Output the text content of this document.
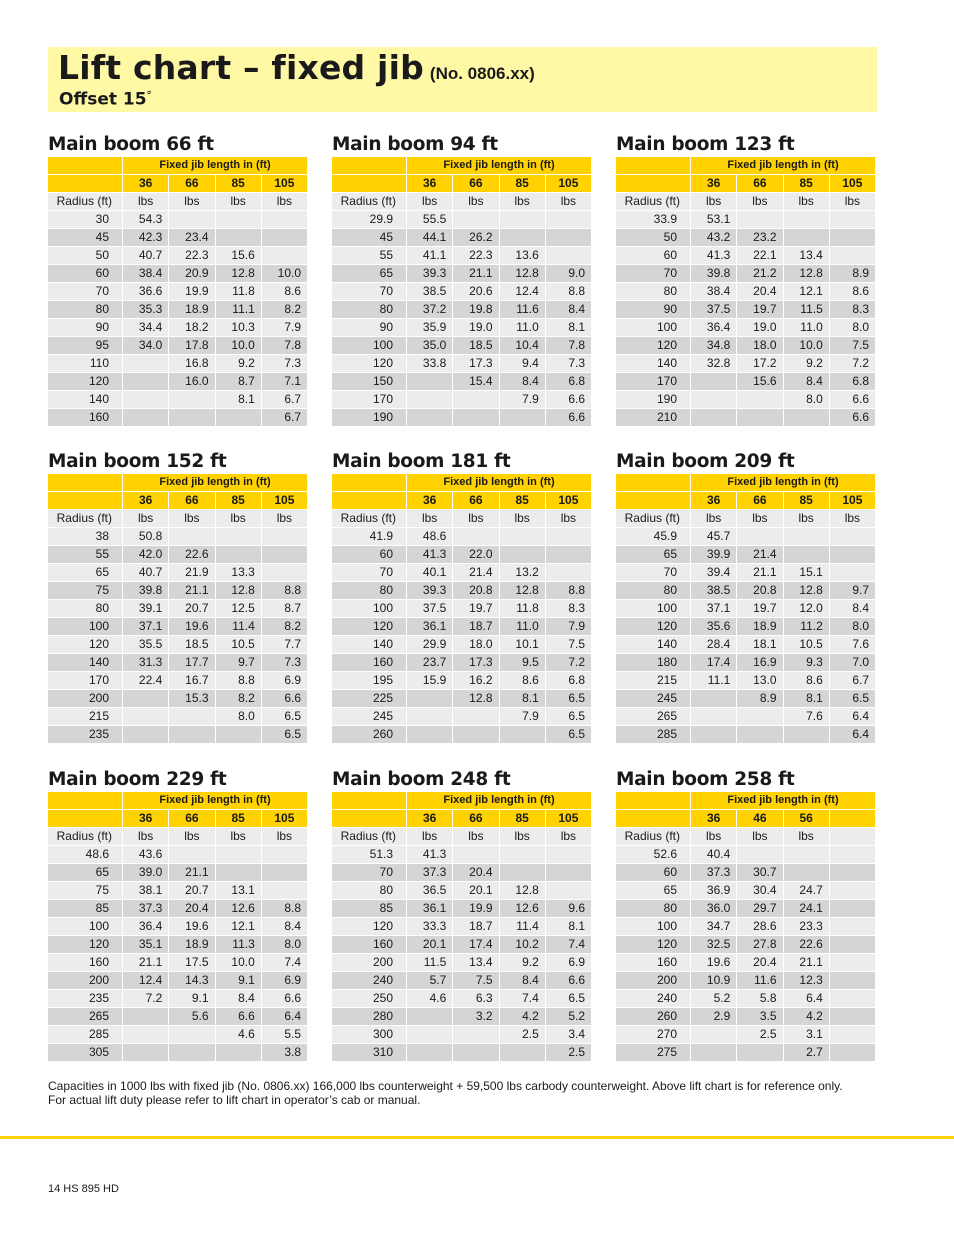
Lift chart – fixed jib (No. 0806.xx)
Offset 15°
Main boom 66 ft
	Fixed jib length in (ft)			
	36	66	85	105
Radius (ft)	lbs	lbs	lbs	lbs
30	54.3			
45	42.3	23.4		
50	40.7	22.3	15.6	
60	38.4	20.9	12.8	10.0
70	36.6	19.9	11.8	8.6
80	35.3	18.9	11.1	8.2
90	34.4	18.2	10.3	7.9
95	34.0	17.8	10.0	7.8
110		16.8	9.2	7.3
120		16.0	8.7	7.1
140			8.1	6.7
160				6.7
Main boom 94 ft
	Fixed jib length in (ft)			
	36	66	85	105
Radius (ft)	lbs	lbs	lbs	lbs
29.9	55.5			
45	44.1	26.2		
55	41.1	22.3	13.6	
65	39.3	21.1	12.8	9.0
70	38.5	20.6	12.4	8.8
80	37.2	19.8	11.6	8.4
90	35.9	19.0	11.0	8.1
100	35.0	18.5	10.4	7.8
120	33.8	17.3	9.4	7.3
150		15.4	8.4	6.8
170			7.9	6.6
190				6.6
Main boom 123 ft
	Fixed jib length in (ft)			
	36	66	85	105
Radius (ft)	lbs	lbs	lbs	lbs
33.9	53.1			
50	43.2	23.2		
60	41.3	22.1	13.4	
70	39.8	21.2	12.8	8.9
80	38.4	20.4	12.1	8.6
90	37.5	19.7	11.5	8.3
100	36.4	19.0	11.0	8.0
120	34.8	18.0	10.0	7.5
140	32.8	17.2	9.2	7.2
170		15.6	8.4	6.8
190			8.0	6.6
210				6.6
Main boom 152 ft
	Fixed jib length in (ft)			
	36	66	85	105
Radius (ft)	lbs	lbs	lbs	lbs
38	50.8			
55	42.0	22.6		
65	40.7	21.9	13.3	
75	39.8	21.1	12.8	8.8
80	39.1	20.7	12.5	8.7
100	37.1	19.6	11.4	8.2
120	35.5	18.5	10.5	7.7
140	31.3	17.7	9.7	7.3
170	22.4	16.7	8.8	6.9
200		15.3	8.2	6.6
215			8.0	6.5
235				6.5
Main boom 181 ft
	Fixed jib length in (ft)			
	36	66	85	105
Radius (ft)	lbs	lbs	lbs	lbs
41.9	48.6			
60	41.3	22.0		
70	40.1	21.4	13.2	
80	39.3	20.8	12.8	8.8
100	37.5	19.7	11.8	8.3
120	36.1	18.7	11.0	7.9
140	29.9	18.0	10.1	7.5
160	23.7	17.3	9.5	7.2
195	15.9	16.2	8.6	6.8
225		12.8	8.1	6.5
245			7.9	6.5
260				6.5
Main boom 209 ft
	Fixed jib length in (ft)			
	36	66	85	105
Radius (ft)	lbs	lbs	lbs	lbs
45.9	45.7			
65	39.9	21.4		
70	39.4	21.1	15.1	
80	38.5	20.8	12.8	9.7
100	37.1	19.7	12.0	8.4
120	35.6	18.9	11.2	8.0
140	28.4	18.1	10.5	7.6
180	17.4	16.9	9.3	7.0
215	11.1	13.0	8.6	6.7
245		8.9	8.1	6.5
265			7.6	6.4
285				6.4
Main boom 229 ft
	Fixed jib length in (ft)			
	36	66	85	105
Radius (ft)	lbs	lbs	lbs	lbs
48.6	43.6			
65	39.0	21.1		
75	38.1	20.7	13.1	
85	37.3	20.4	12.6	8.8
100	36.4	19.6	12.1	8.4
120	35.1	18.9	11.3	8.0
160	21.1	17.5	10.0	7.4
200	12.4	14.3	9.1	6.9
235	7.2	9.1	8.4	6.6
265		5.6	6.6	6.4
285			4.6	5.5
305				3.8
Main boom 248 ft
	Fixed jib length in (ft)			
	36	66	85	105
Radius (ft)	lbs	lbs	lbs	lbs
51.3	41.3			
70	37.3	20.4		
80	36.5	20.1	12.8	
85	36.1	19.9	12.6	9.6
120	33.3	18.7	11.4	8.1
160	20.1	17.4	10.2	7.4
200	11.5	13.4	9.2	6.9
240	5.7	7.5	8.4	6.6
250	4.6	6.3	7.4	6.5
280		3.2	4.2	5.2
300			2.5	3.4
310				2.5
Main boom 258 ft
	Fixed jib length in (ft)			
	36	46	56	
Radius (ft)	lbs	lbs	lbs	
52.6	40.4			
60	37.3	30.7		
65	36.9	30.4	24.7	
80	36.0	29.7	24.1	
100	34.7	28.6	23.3	
120	32.5	27.8	22.6	
160	19.6	20.4	21.1	
200	10.9	11.6	12.3	
240	5.2	5.8	6.4	
260	2.9	3.5	4.2	
270		2.5	3.1	
275			2.7	

Capacities in 1000 lbs with fixed jib (No. 0806.xx) 166,000 lbs counterweight + 59,500 lbs carbody counterweight. Above lift chart is for reference only.
For actual lift duty please refer to lift chart in operator’s cab or manual.

14 HS 895 HD
